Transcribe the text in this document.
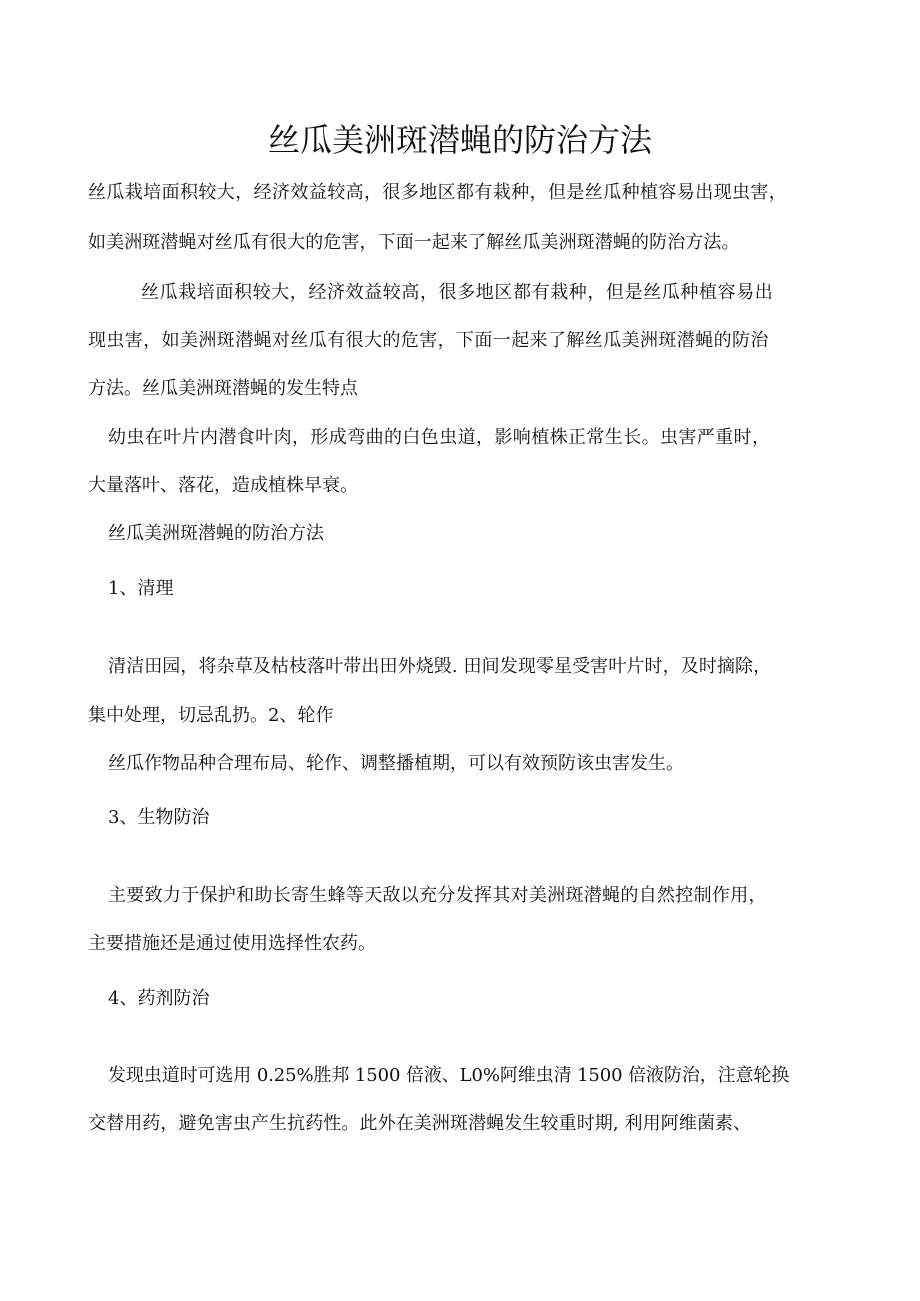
丝瓜美洲斑潜蝇的防治方法
丝瓜栽培面积较大，经济效益较高，很多地区都有栽种，但是丝瓜种植容易出现虫害，
如美洲斑潜蝇对丝瓜有很大的危害，下面一起来了解丝瓜美洲斑潜蝇的防治方法。
丝瓜栽培面积较大，经济效益较高，很多地区都有栽种，但是丝瓜种植容易出
现虫害，如美洲斑潜蝇对丝瓜有很大的危害，下面一起来了解丝瓜美洲斑潜蝇的防治
方法。丝瓜美洲斑潜蝇的发生特点
幼虫在叶片内潜食叶肉，形成弯曲的白色虫道，影响植株正常生长。虫害严重时，
大量落叶、落花，造成植株早衰。
丝瓜美洲斑潜蝇的防治方法
1、清理
清洁田园，将杂草及枯枝落叶带出田外烧毁. 田间发现零星受害叶片时，及时摘除，
集中处理，切忌乱扔。2、轮作
丝瓜作物品种合理布局、轮作、调整播植期，可以有效预防该虫害发生。
3、生物防治
主要致力于保护和助长寄生蜂等天敌以充分发挥其对美洲斑潜蝇的自然控制作用，
主要措施还是通过使用选择性农药。
4、药剂防治
发现虫道时可选用 0.25%胜邦 1500 倍液、L0%阿维虫清 1500 倍液防治，注意轮换
交替用药，避免害虫产生抗药性。此外在美洲斑潜蝇发生较重时期, 利用阿维菌素、
